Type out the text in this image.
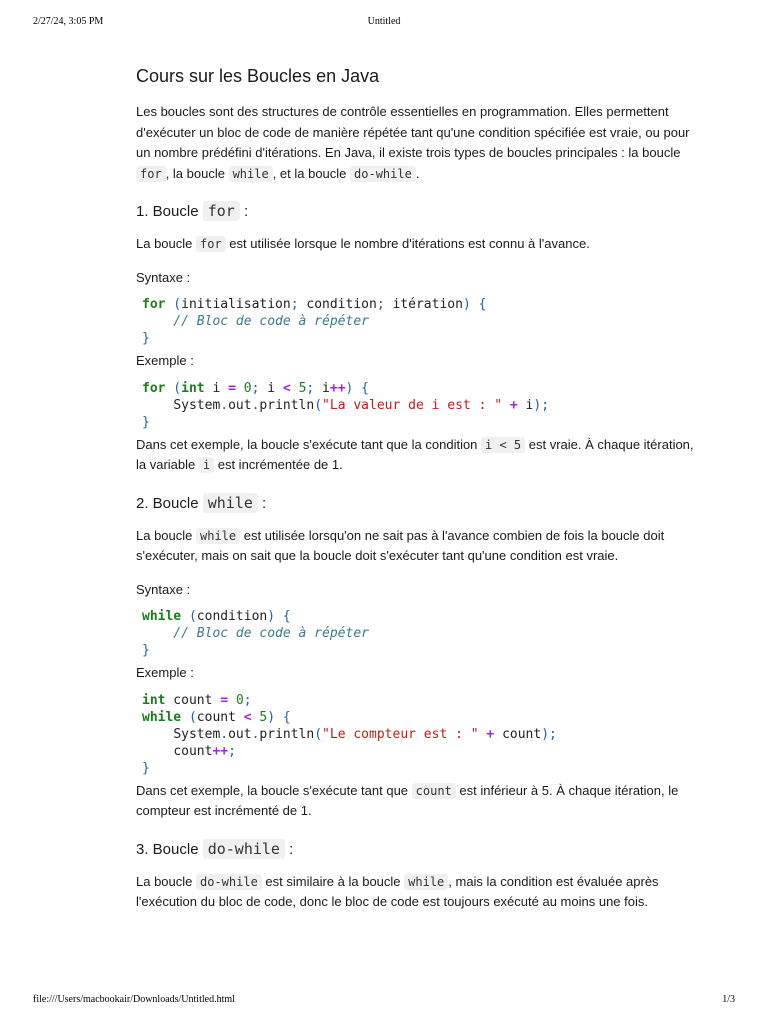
2/27/24, 3:05 PM	Untitled
Cours sur les Boucles en Java

Les boucles sont des structures de contrôle essentielles en programmation. Elles permettent d'exécuter un bloc de code de manière répétée tant qu'une condition spécifiée est vraie, ou pour un nombre prédéfini d'itérations. En Java, il existe trois types de boucles principales : la boucle for , la boucle while , et la boucle do-while .

1. Boucle for :

La boucle for est utilisée lorsque le nombre d'itérations est connu à l'avance.

Syntaxe :

for (initialisation; condition; itération) {
// Bloc de code à répéter
}

Exemple :

for (int i = 0; i < 5; i++) {
System.out.println("La valeur de i est : " + i);
}

Dans cet exemple, la boucle s'exécute tant que la condition i < 5 est vraie. À chaque itération, la variable i est incrémentée de 1.

2. Boucle while :

La boucle while est utilisée lorsqu'on ne sait pas à l'avance combien de fois la boucle doit s'exécuter, mais on sait que la boucle doit s'exécuter tant qu'une condition est vraie.

Syntaxe :

while (condition) {
// Bloc de code à répéter
}

Exemple :

int count = 0;
while (count < 5) {
System.out.println("Le compteur est : " + count);
count++;
}

Dans cet exemple, la boucle s'exécute tant que count est inférieur à 5. À chaque itération, le compteur est incrémenté de 1.

3. Boucle do-while :

La boucle do-while est similaire à la boucle while , mais la condition est évaluée après l'exécution du bloc de code, donc le bloc de code est toujours exécuté au moins une fois.

file:///Users/macbookair/Downloads/Untitled.html	1/3
